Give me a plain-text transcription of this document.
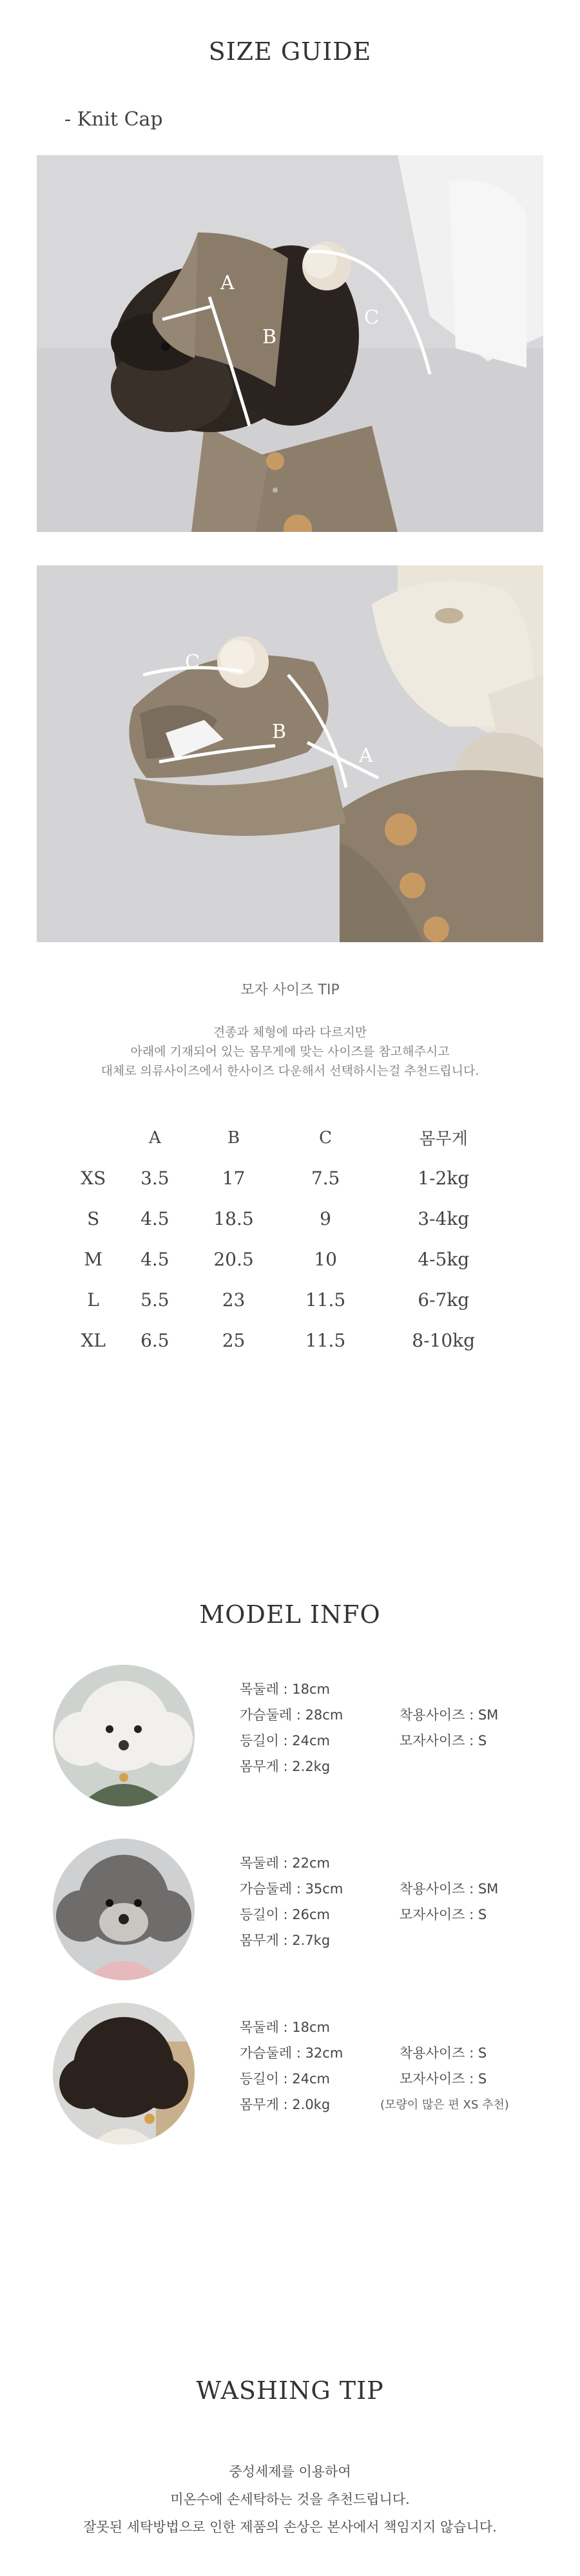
SIZE GUIDE
- Knit Cap
A
B
C
C
B
A
모자 사이즈 TIP
견종과 체형에 따라 다르지만
아래에 기재되어 있는 몸무게에 맞는 사이즈를 참고해주시고
대체로 의류사이즈에서 한사이즈 다운해서 선택하시는걸 추천드립니다.
	A	B	C	몸무게
XS	3.5	17	7.5	1-2kg
S	4.5	18.5	9	3-4kg
M	4.5	20.5	10	4-5kg
L	5.5	23	11.5	6-7kg
XL	6.5	25	11.5	8-10kg
MODEL INFO
목둘레 : 18cm
가슴둘레 : 28cm
등길이 : 24cm
몸무게 : 2.2kg
착용사이즈 : SM
모자사이즈 : S
목둘레 : 22cm
가슴둘레 : 35cm
등길이 : 26cm
몸무게 : 2.7kg
착용사이즈 : SM
모자사이즈 : S
목둘레 : 18cm
가슴둘레 : 32cm
등길이 : 24cm
몸무게 : 2.0kg
착용사이즈 : S
모자사이즈 : S
(모량이 많은 편 XS 추천)
WASHING TIP
중성세제를 이용하여
미온수에 손세탁하는 것을 추천드립니다.
잘못된 세탁방법으로 인한 제품의 손상은 본사에서 책임지지 않습니다.
